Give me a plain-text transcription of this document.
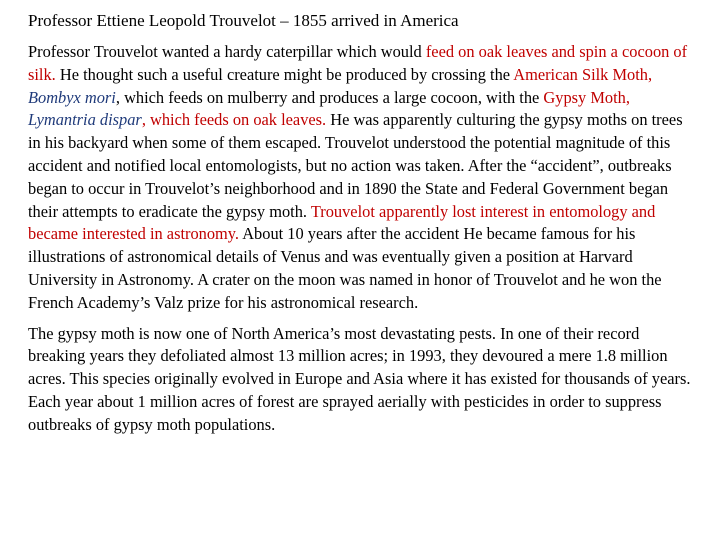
Professor Ettiene Leopold Trouvelot – 1855 arrived in America

Professor Trouvelot wanted a hardy caterpillar which would feed on oak leaves and spin a cocoon of silk. He thought such a useful creature might be produced by crossing the American Silk Moth, Bombyx mori, which feeds on mulberry and produces a large cocoon, with the Gypsy Moth, Lymantria dispar, which feeds on oak leaves. He was apparently culturing the gypsy moths on trees in his backyard when some of them escaped. Trouvelot understood the potential magnitude of this accident and notified local entomologists, but no action was taken. After the “accident”, outbreaks began to occur in Trouvelot’s neighborhood and in 1890 the State and Federal Government began their attempts to eradicate the gypsy moth. Trouvelot apparently lost interest in entomology and became interested in astronomy. About 10 years after the accident He became famous for his illustrations of astronomical details of Venus and was eventually given a position at Harvard University in Astronomy. A crater on the moon was named in honor of Trouvelot and he won the French Academy’s Valz prize for his astronomical research.

The gypsy moth is now one of North America’s most devastating pests. In one of their record breaking years they defoliated almost 13 million acres; in 1993, they devoured a mere 1.8 million acres. This species originally evolved in Europe and Asia where it has existed for thousands of years. Each year about 1 million acres of forest are sprayed aerially with pesticides in order to suppress outbreaks of gypsy moth populations.
